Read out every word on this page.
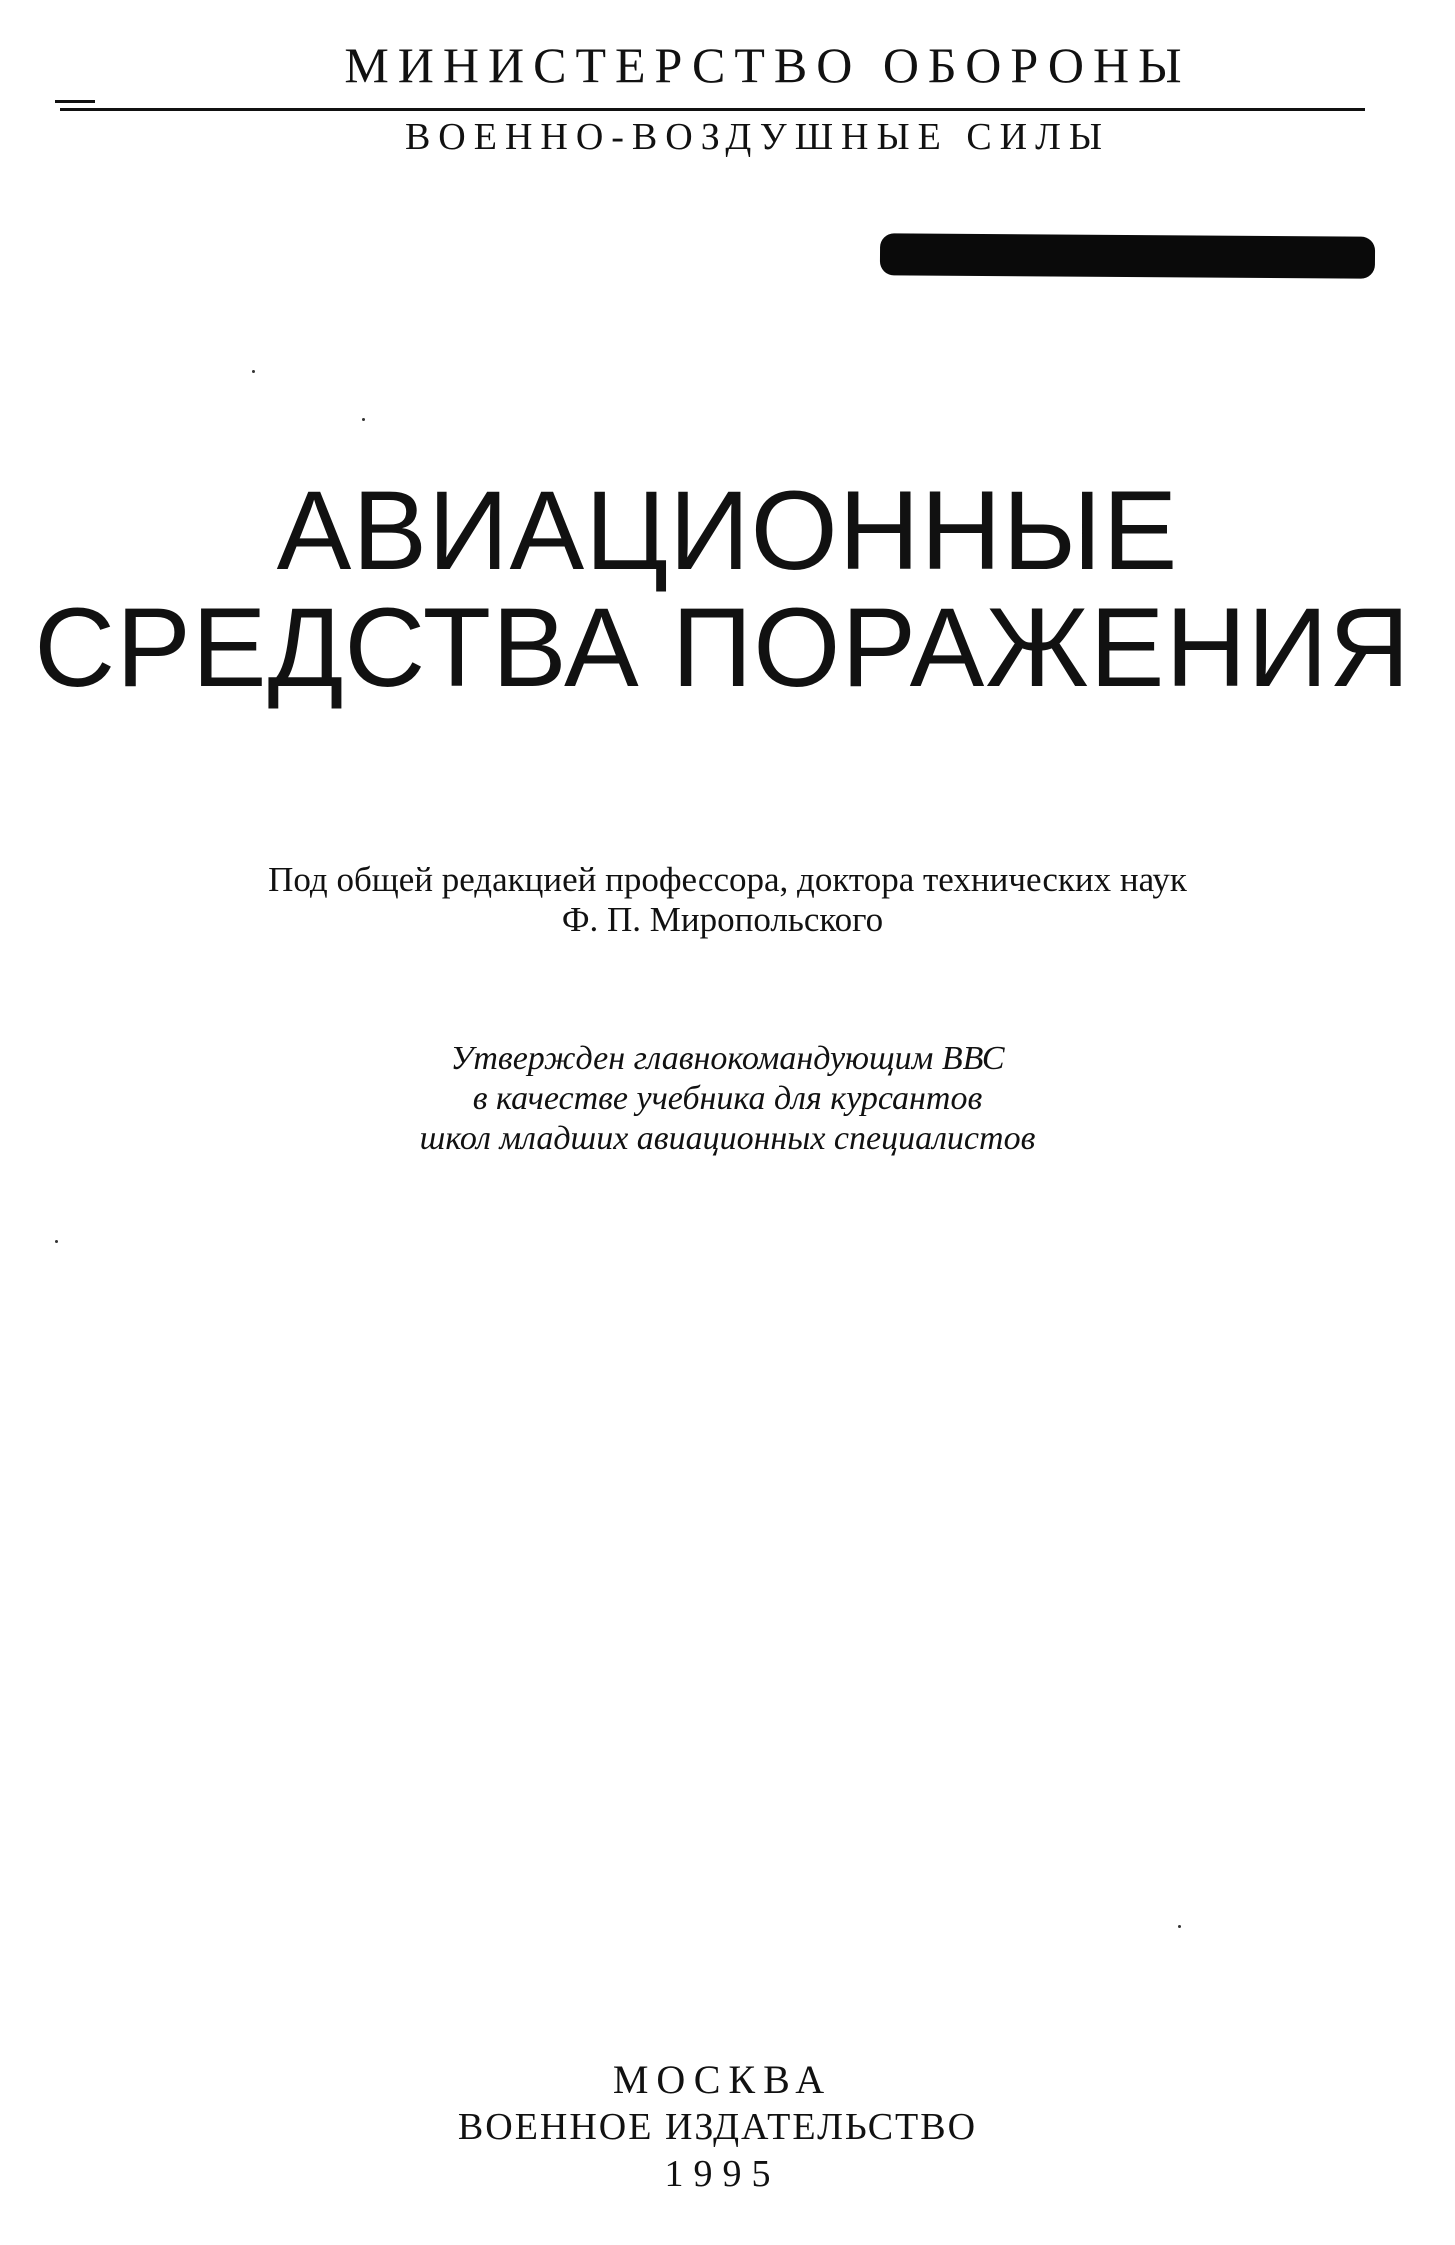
МИНИСТЕРСТВО ОБОРОНЫ
ВОЕННО-ВОЗДУШНЫЕ СИЛЫ
АВИАЦИОННЫЕ
СРЕДСТВА ПОРАЖЕНИЯ
Под общей редакцией профессора, доктора технических наук
Ф. П. Миропольского
Утвержден главнокомандующим ВВС
в качестве учебника для курсантов
школ младших авиационных специалистов
МОСКВА
ВОЕННОЕ ИЗДАТЕЛЬСТВО
1995
